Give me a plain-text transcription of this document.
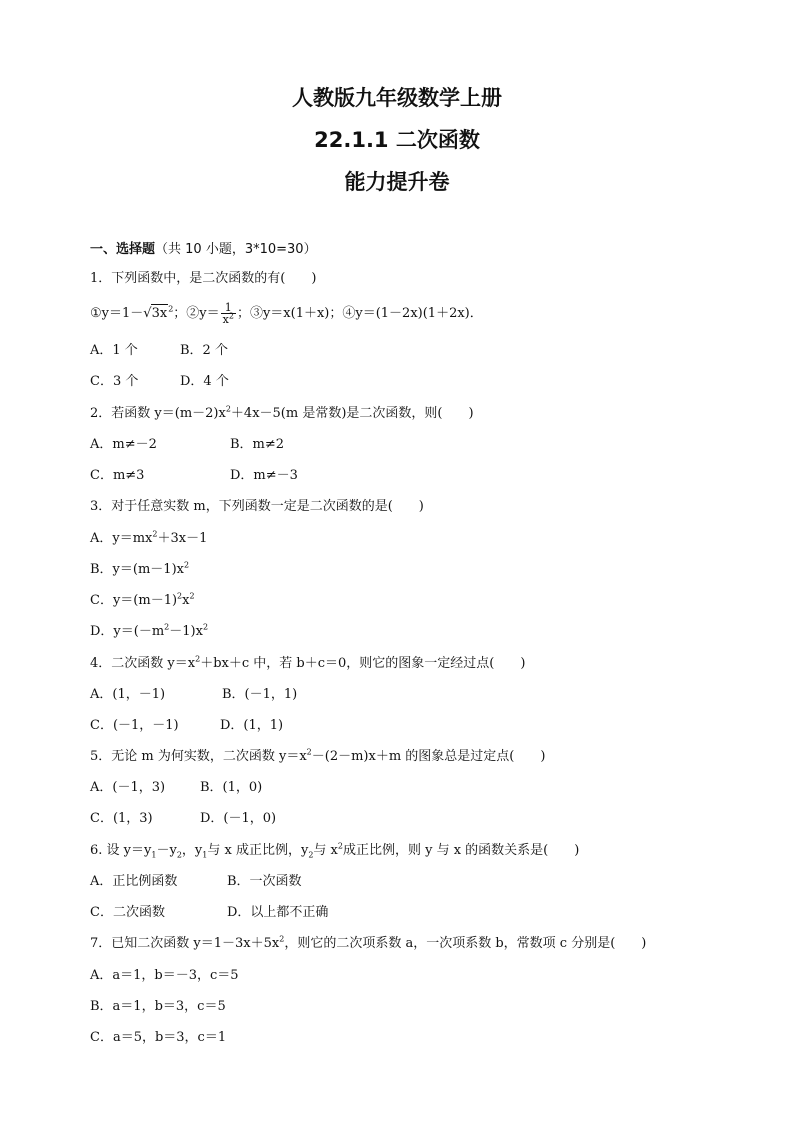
人教版九年级数学上册
22.1.1 二次函数
能力提升卷
一、选择题（共 10 小题，3*10=30）
1．下列函数中，是二次函数的有(　　)
$①y=1-√3x^2$；②y＝ $\frac{1}{x^2}$ ；③y＝x(1＋x)；④y＝(1－2x)(1＋2x)．
A．1 个	B．2 个
C．3 个	D．4 个
2．若函数 $y=(m-2)x^2+4x-5(m$ 是常数)是二次函数，则(　　)
A．m≠－2	B．m≠2
C．m≠3	D．m≠－3
3．对于任意实数 m，下列函数一定是二次函数的是(　　)
A．$y=mx^2+3x-1$
B．$y=(m-1)x^2$
C．$y=(m-1)^2x^2$
D．$y=(-m^2-1)x^2$
4．二次函数 $y=x^2+bx+c$ 中，若 b＋c＝0，则它的图象一定经过点(　　)
A．(1，－1)	B．(－1，1)
C．(－1，－1)	D．(1，1)
5．无论 m 为何实数，二次函数 $y=x^2-(2-m)x+m$ 的图象总是过定点(　　)
A．(－1，3)	B．(1，0)
C．(1，3)	D．(－1，0)
6. 设 $y=y_1-y_2$，$y_1$与 x 成正比例，$y_2$与 $x^2$成正比例，则 y 与 x 的函数关系是(　　)
A．正比例函数	B．一次函数
C．二次函数	D．以上都不正确
7．已知二次函数 $y=1-3x+5x^2$，则它的二次项系数 a，一次项系数 b，常数项 c 分别是(　　)
A．a＝1，b＝－3，c＝5
B．a＝1，b＝3，c＝5
C．a＝5，b＝3，c＝1
